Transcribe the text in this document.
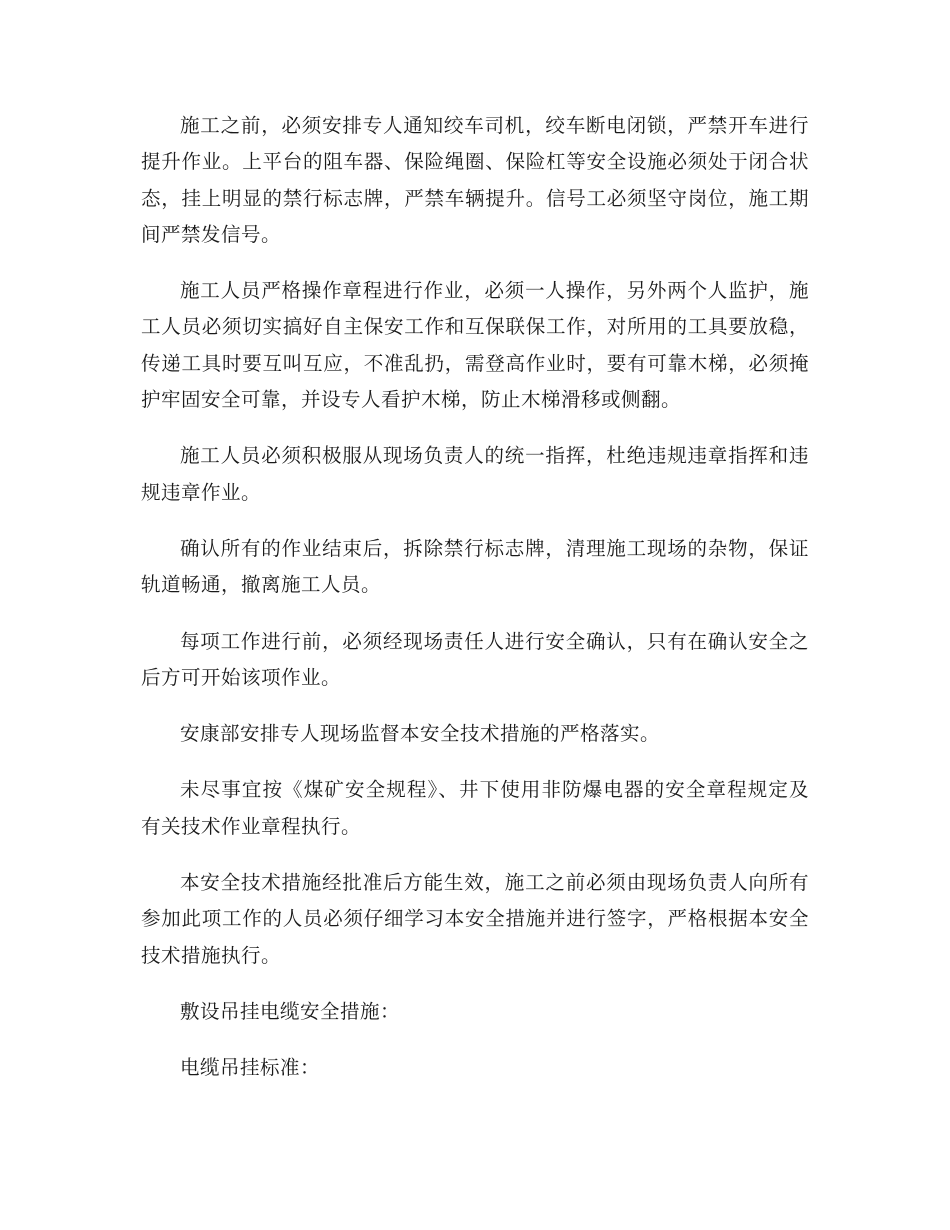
施工之前，必须安排专人通知绞车司机，绞车断电闭锁，严禁开车进行提升作业。上平台的阻车器、保险绳圈、保险杠等安全设施必须处于闭合状态，挂上明显的禁行标志牌，严禁车辆提升。信号工必须坚守岗位，施工期间严禁发信号。

施工人员严格操作章程进行作业，必须一人操作，另外两个人监护，施工人员必须切实搞好自主保安工作和互保联保工作，对所用的工具要放稳，传递工具时要互叫互应，不准乱扔，需登高作业时，要有可靠木梯，必须掩护牢固安全可靠，并设专人看护木梯，防止木梯滑移或侧翻。

施工人员必须积极服从现场负责人的统一指挥，杜绝违规违章指挥和违规违章作业。

确认所有的作业结束后，拆除禁行标志牌，清理施工现场的杂物，保证轨道畅通，撤离施工人员。

每项工作进行前，必须经现场责任人进行安全确认，只有在确认安全之后方可开始该项作业。

安康部安排专人现场监督本安全技术措施的严格落实。

未尽事宜按《煤矿安全规程》、井下使用非防爆电器的安全章程规定及有关技术作业章程执行。

本安全技术措施经批准后方能生效，施工之前必须由现场负责人向所有参加此项工作的人员必须仔细学习本安全措施并进行签字，严格根据本安全技术措施执行。

敷设吊挂电缆安全措施：

电缆吊挂标准：
